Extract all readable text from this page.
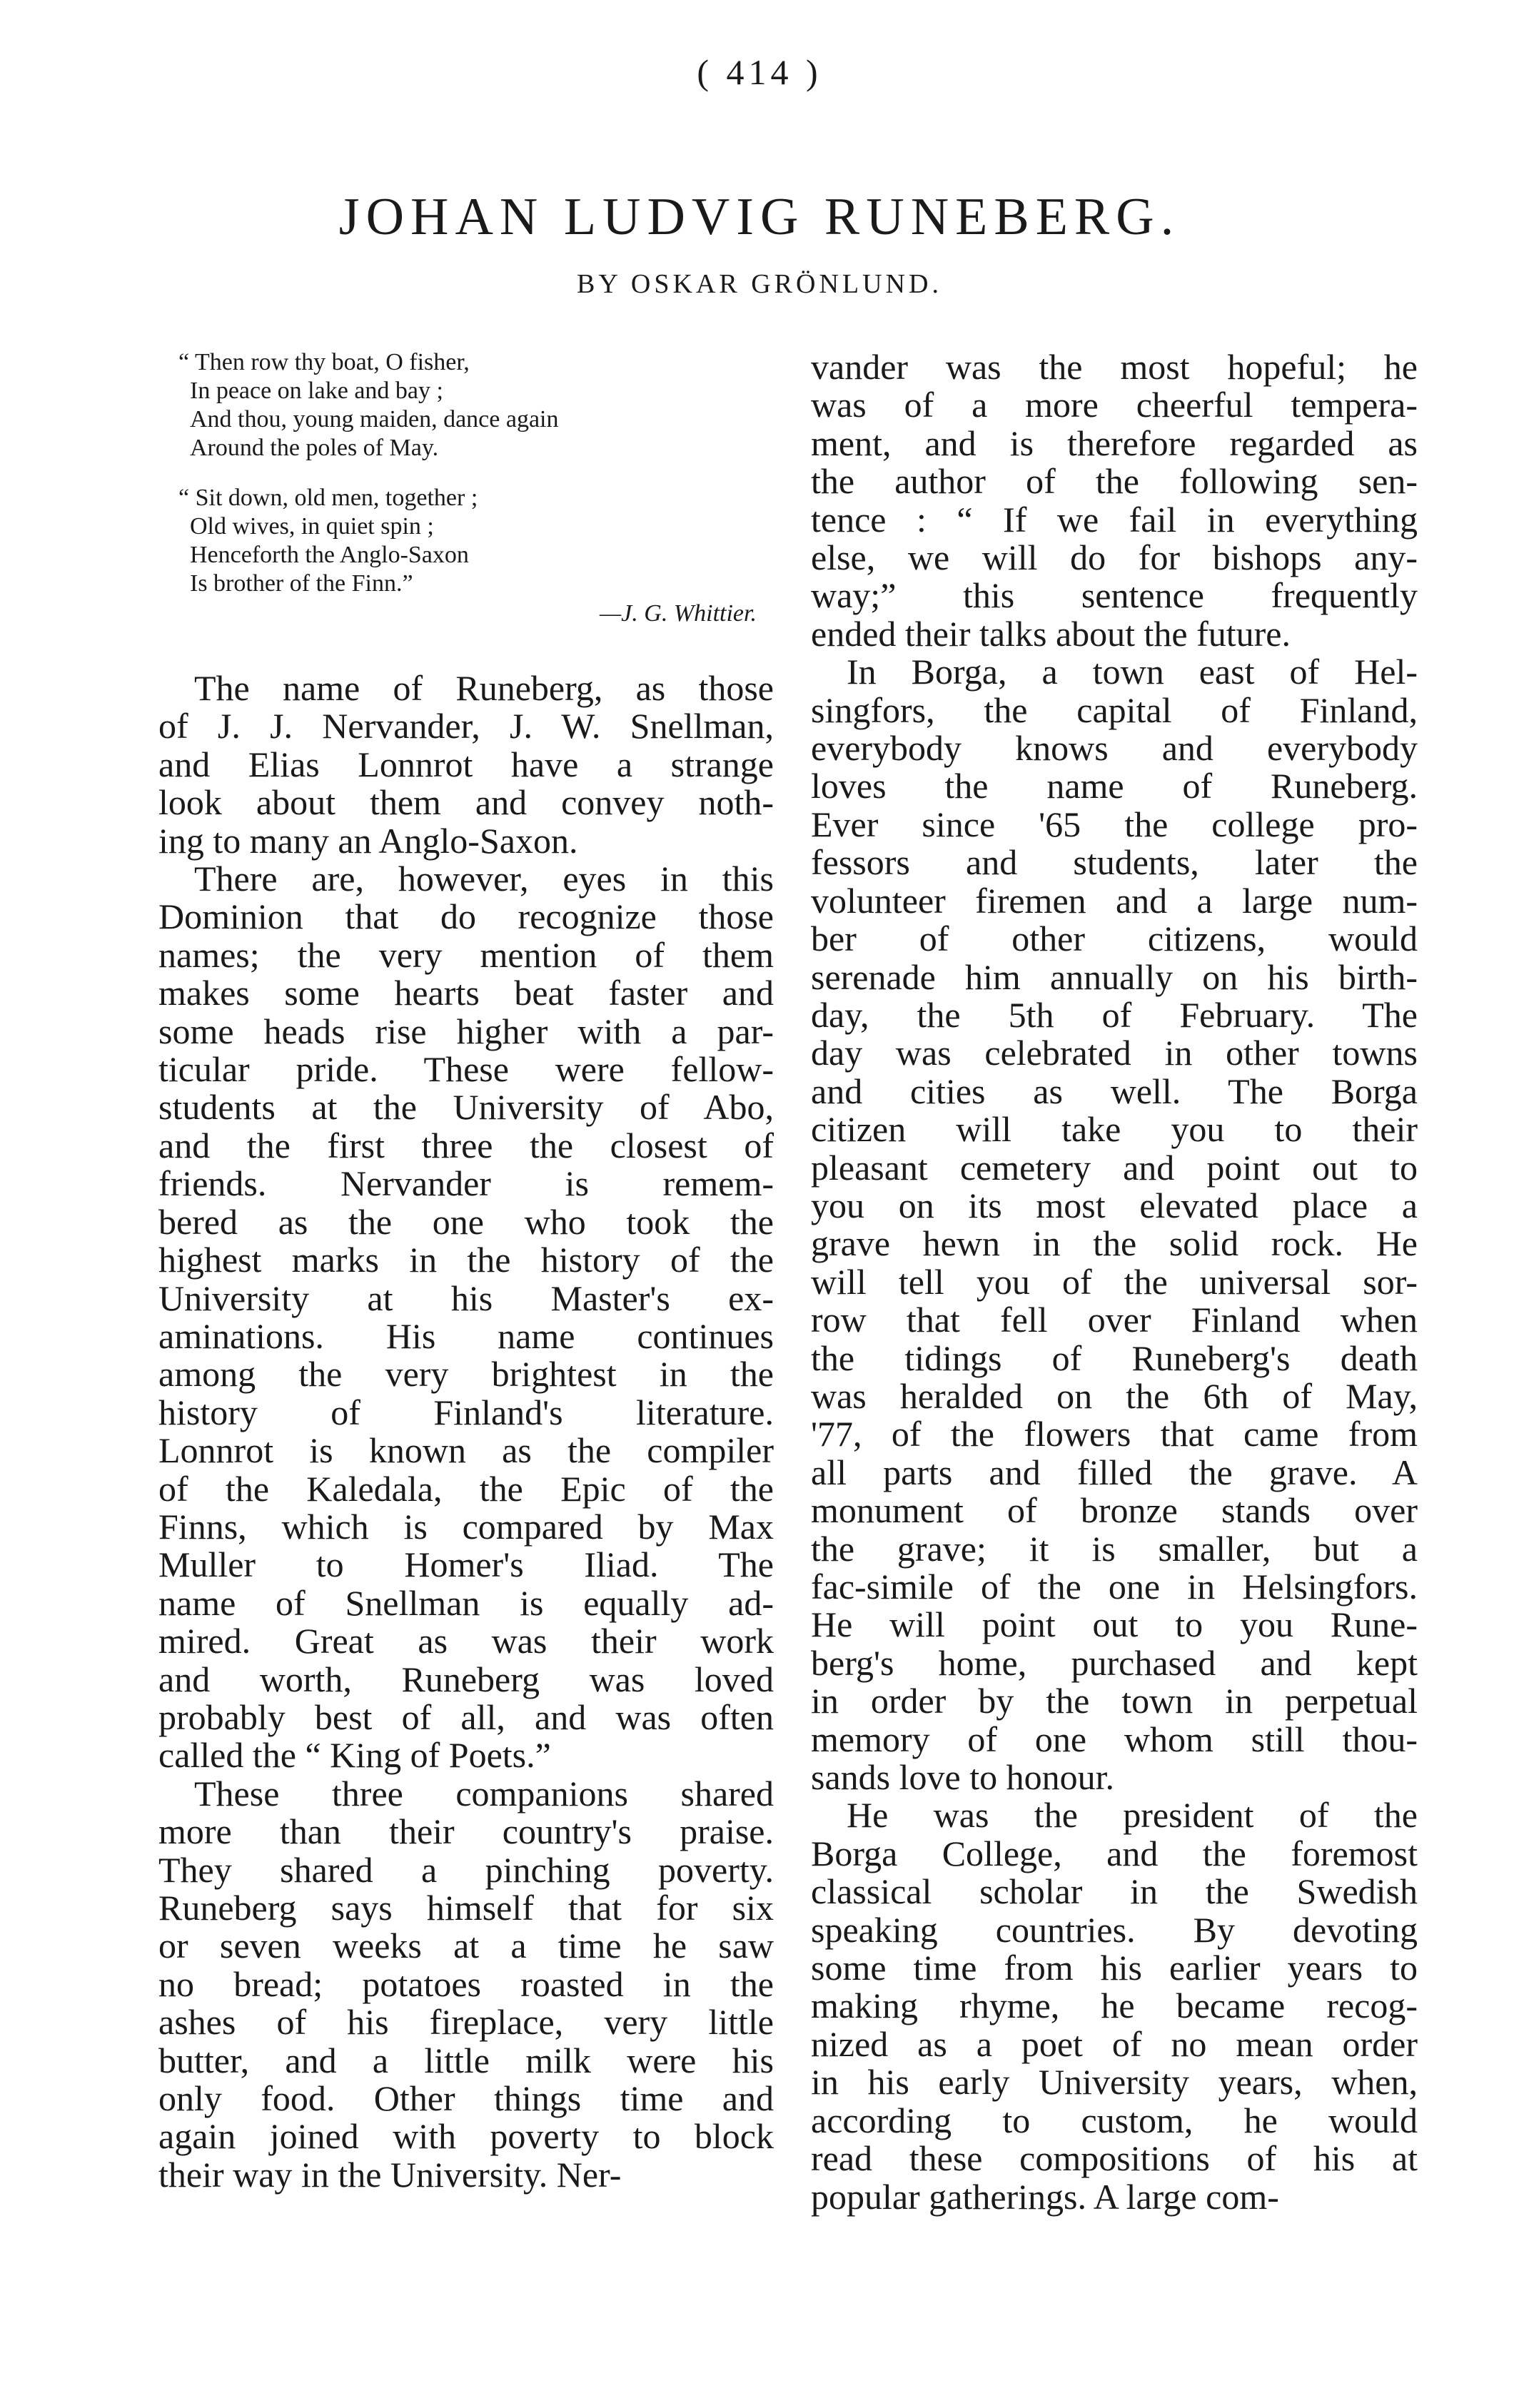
( 414 )
JOHAN LUDVIG RUNEBERG.
BY OSKAR GRÖNLUND.
“ Then row thy boat, O fisher,
In peace on lake and bay ;
And thou, young maiden, dance again
Around the poles of May.
“ Sit down, old men, together ;
Old wives, in quiet spin ;
Henceforth the Anglo-Saxon
Is brother of the Finn.”
—J. G. Whittier.
The name of Runeberg, as those
of J. J. Nervander, J. W. Snellman,
and Elias Lonnrot have a strange
look about them and convey noth-
ing to many an Anglo-Saxon.
There are, however, eyes in this
Dominion that do recognize those
names; the very mention of them
makes some hearts beat faster and
some heads rise higher with a par-
ticular pride. These were fellow-
students at the University of Abo,
and the first three the closest of
friends. Nervander is remem-
bered as the one who took the
highest marks in the history of the
University at his Master's ex-
aminations. His name continues
among the very brightest in the
history of Finland's literature.
Lonnrot is known as the compiler
of the Kaledala, the Epic of the
Finns, which is compared by Max
Muller to Homer's Iliad. The
name of Snellman is equally ad-
mired. Great as was their work
and worth, Runeberg was loved
probably best of all, and was often
called the “ King of Poets.”
These three companions shared
more than their country's praise.
They shared a pinching poverty.
Runeberg says himself that for six
or seven weeks at a time he saw
no bread; potatoes roasted in the
ashes of his fireplace, very little
butter, and a little milk were his
only food. Other things time and
again joined with poverty to block
their way in the University. Ner-
vander was the most hopeful; he
was of a more cheerful tempera-
ment, and is therefore regarded as
the author of the following sen-
tence : “ If we fail in everything
else, we will do for bishops any-
way;” this sentence frequently
ended their talks about the future.
In Borga, a town east of Hel-
singfors, the capital of Finland,
everybody knows and everybody
loves the name of Runeberg.
Ever since '65 the college pro-
fessors and students, later the
volunteer firemen and a large num-
ber of other citizens, would
serenade him annually on his birth-
day, the 5th of February. The
day was celebrated in other towns
and cities as well. The Borga
citizen will take you to their
pleasant cemetery and point out to
you on its most elevated place a
grave hewn in the solid rock. He
will tell you of the universal sor-
row that fell over Finland when
the tidings of Runeberg's death
was heralded on the 6th of May,
'77, of the flowers that came from
all parts and filled the grave. A
monument of bronze stands over
the grave; it is smaller, but a
fac-simile of the one in Helsingfors.
He will point out to you Rune-
berg's home, purchased and kept
in order by the town in perpetual
memory of one whom still thou-
sands love to honour.
He was the president of the
Borga College, and the foremost
classical scholar in the Swedish
speaking countries. By devoting
some time from his earlier years to
making rhyme, he became recog-
nized as a poet of no mean order
in his early University years, when,
according to custom, he would
read these compositions of his at
popular gatherings. A large com-
